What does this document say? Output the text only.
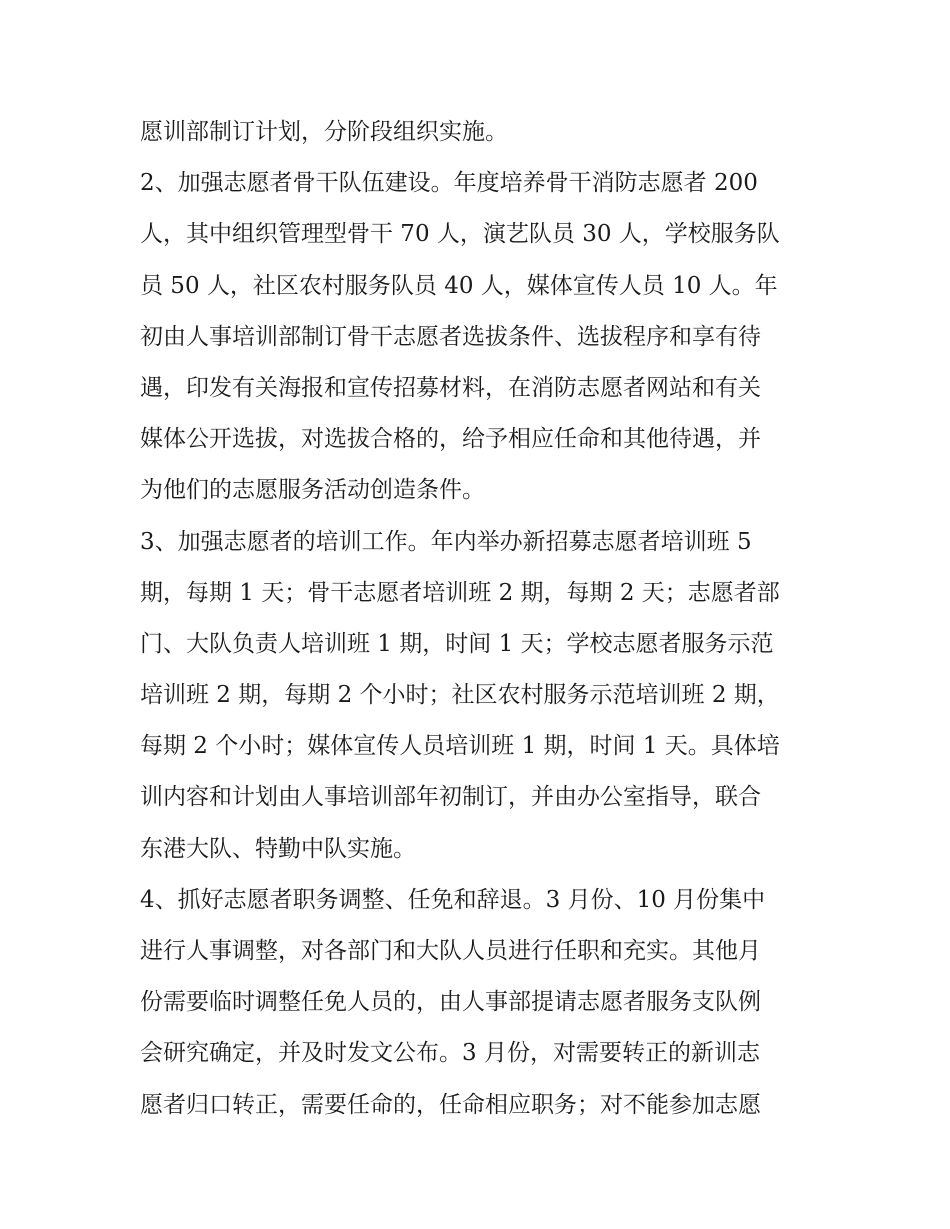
愿训部制订计划，分阶段组织实施。
2、加强志愿者骨干队伍建设。年度培养骨干消防志愿者 200
人，其中组织管理型骨干 70 人，演艺队员 30 人，学校服务队
员 50 人，社区农村服务队员 40 人，媒体宣传人员 10 人。年
初由人事培训部制订骨干志愿者选拔条件、选拔程序和享有待
遇，印发有关海报和宣传招募材料，在消防志愿者网站和有关
媒体公开选拔，对选拔合格的，给予相应任命和其他待遇，并
为他们的志愿服务活动创造条件。
3、加强志愿者的培训工作。年内举办新招募志愿者培训班 5
期，每期 1 天；骨干志愿者培训班 2 期，每期 2 天；志愿者部
门、大队负责人培训班 1 期，时间 1 天；学校志愿者服务示范
培训班 2 期，每期 2 个小时；社区农村服务示范培训班 2 期，
每期 2 个小时；媒体宣传人员培训班 1 期，时间 1 天。具体培
训内容和计划由人事培训部年初制订，并由办公室指导，联合
东港大队、特勤中队实施。
4、抓好志愿者职务调整、任免和辞退。3 月份、10 月份集中
进行人事调整，对各部门和大队人员进行任职和充实。其他月
份需要临时调整任免人员的，由人事部提请志愿者服务支队例
会研究确定，并及时发文公布。3 月份，对需要转正的新训志
愿者归口转正，需要任命的，任命相应职务；对不能参加志愿
